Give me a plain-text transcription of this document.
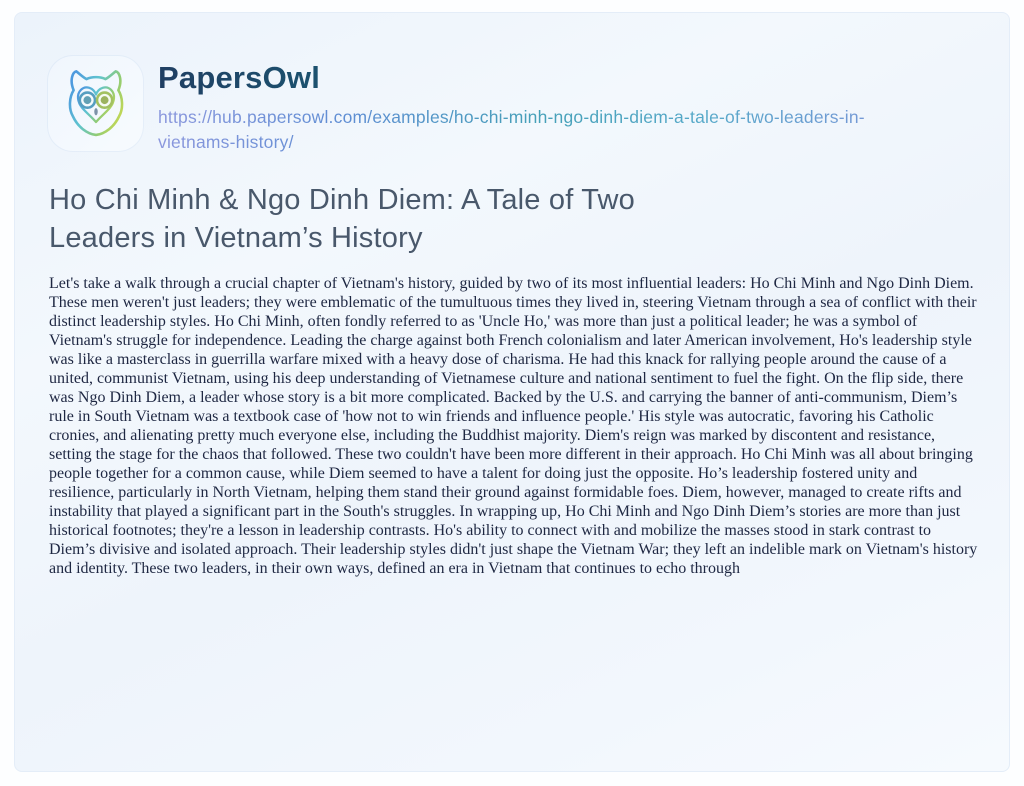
PapersOwl
https://hub.papersowl.com/examples/ho-chi-minh-ngo-dinh-diem-a-tale-of-two-leaders-in-vietnams-history/
Ho Chi Minh & Ngo Dinh Diem: A Tale of Two Leaders in Vietnam’s History

Let's take a walk through a crucial chapter of Vietnam's history, guided by two of its most influential leaders: Ho Chi Minh and Ngo Dinh Diem. These men weren't just leaders; they were emblematic of the tumultuous times they lived in, steering Vietnam through a sea of conflict with their distinct leadership styles. Ho Chi Minh, often fondly referred to as 'Uncle Ho,' was more than just a political leader; he was a symbol of Vietnam's struggle for independence. Leading the charge against both French colonialism and later American involvement, Ho's leadership style was like a masterclass in guerrilla warfare mixed with a heavy dose of charisma. He had this knack for rallying people around the cause of a united, communist Vietnam, using his deep understanding of Vietnamese culture and national sentiment to fuel the fight. On the flip side, there was Ngo Dinh Diem, a leader whose story is a bit more complicated. Backed by the U.S. and carrying the banner of anti-communism, Diem’s rule in South Vietnam was a textbook case of 'how not to win friends and influence people.' His style was autocratic, favoring his Catholic cronies, and alienating pretty much everyone else, including the Buddhist majority. Diem's reign was marked by discontent and resistance, setting the stage for the chaos that followed. These two couldn't have been more different in their approach. Ho Chi Minh was all about bringing people together for a common cause, while Diem seemed to have a talent for doing just the opposite. Ho’s leadership fostered unity and resilience, particularly in North Vietnam, helping them stand their ground against formidable foes. Diem, however, managed to create rifts and instability that played a significant part in the South's struggles. In wrapping up, Ho Chi Minh and Ngo Dinh Diem’s stories are more than just historical footnotes; they're a lesson in leadership contrasts. Ho's ability to connect with and mobilize the masses stood in stark contrast to Diem’s divisive and isolated approach. Their leadership styles didn't just shape the Vietnam War; they left an indelible mark on Vietnam's history and identity. These two leaders, in their own ways, defined an era in Vietnam that continues to echo through
